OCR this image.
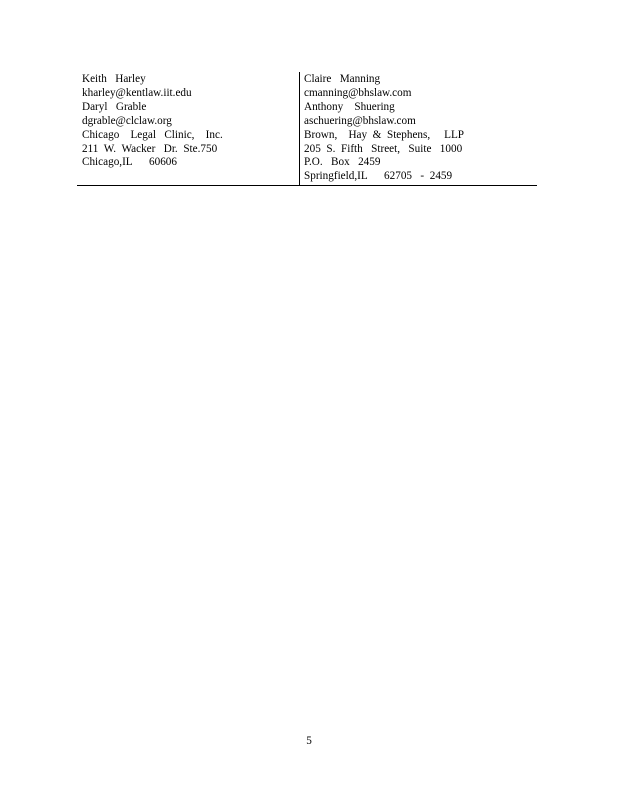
Keith   Harley

kharley@kentlaw.iit.edu

Daryl   Grable

dgrable@clclaw.org

Chicago    Legal   Clinic,    Inc.

211  W.  Wacker   Dr.  Ste.750

Chicago,IL      60606

Claire   Manning

cmanning@bhslaw.com

Anthony    Shuering

aschuering@bhslaw.com

Brown,    Hay  &  Stephens,     LLP

205  S.  Fifth   Street,   Suite   1000

P.O.   Box   2459

Springfield,IL      62705   -  2459

5
